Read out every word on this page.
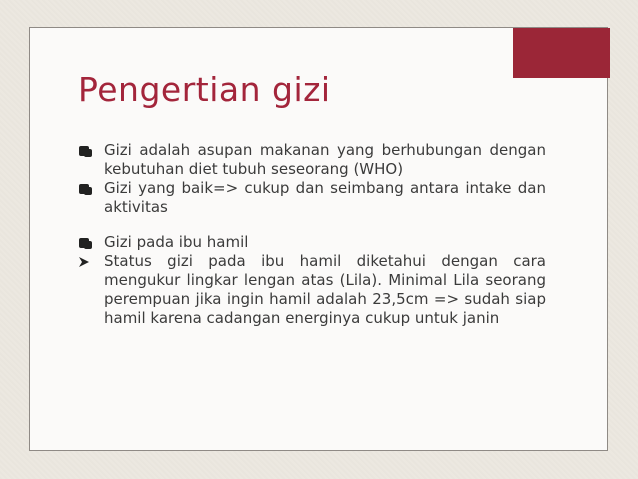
Pengertian gizi
Gizi adalah asupan makanan yang berhubungan dengan kebutuhan diet tubuh seseorang (WHO)
Gizi yang baik=> cukup dan seimbang antara intake dan aktivitas
Gizi pada ibu hamil
Status gizi pada ibu hamil diketahui dengan cara mengukur lingkar lengan atas (Lila). Minimal Lila seorang perempuan jika ingin hamil adalah 23,5cm => sudah siap hamil karena cadangan energinya cukup untuk janin
